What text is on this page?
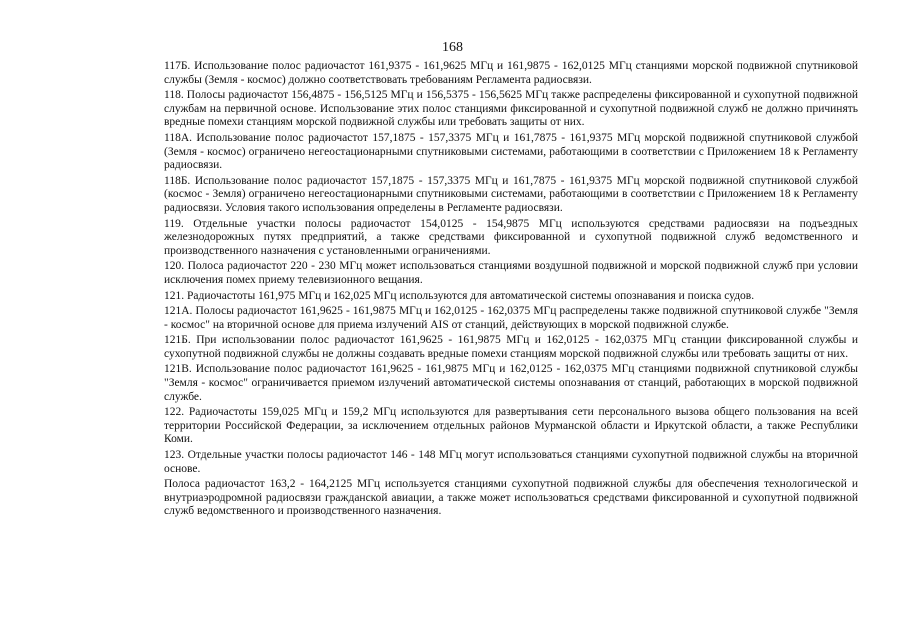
168

117Б. Использование полос радиочастот 161,9375 - 161,9625 МГц и 161,9875 - 162,0125 МГц станциями морской подвижной спутниковой службы (Земля - космос) должно соответствовать требованиям Регламента радиосвязи.

118. Полосы радиочастот 156,4875 - 156,5125 МГц и 156,5375 - 156,5625 МГц также распределены фиксированной и сухопутной подвижной службам на первичной основе. Использование этих полос станциями фиксированной и сухопутной подвижной служб не должно причинять вредные помехи станциям морской подвижной службы или требовать защиты от них.

118А. Использование полос радиочастот 157,1875 - 157,3375 МГц и 161,7875 - 161,9375 МГц морской подвижной спутниковой службой (Земля - космос) ограничено негеостационарными спутниковыми системами, работающими в соответствии с Приложением 18 к Регламенту радиосвязи.

118Б. Использование полос радиочастот 157,1875 - 157,3375 МГц и 161,7875 - 161,9375 МГц морской подвижной спутниковой службой (космос - Земля) ограничено негеостационарными спутниковыми системами, работающими в соответствии с Приложением 18 к Регламенту радиосвязи. Условия такого использования определены в Регламенте радиосвязи.

119. Отдельные участки полосы радиочастот 154,0125 - 154,9875 МГц используются средствами радиосвязи на подъездных железнодорожных путях предприятий, а также средствами фиксированной и сухопутной подвижной служб ведомственного и производственного назначения с установленными ограничениями.

120. Полоса радиочастот 220 - 230 МГц может использоваться станциями воздушной подвижной и морской подвижной служб при условии исключения помех приему телевизионного вещания.

121. Радиочастоты 161,975 МГц и 162,025 МГц используются для автоматической системы опознавания и поиска судов.

121А. Полосы радиочастот 161,9625 - 161,9875 МГц и 162,0125 - 162,0375 МГц распределены также подвижной спутниковой службе "Земля - космос" на вторичной основе для приема излучений AIS от станций, действующих в морской подвижной службе.

121Б. При использовании полос радиочастот 161,9625 - 161,9875 МГц и 162,0125 - 162,0375 МГц станции фиксированной службы и сухопутной подвижной службы не должны создавать вредные помехи станциям морской подвижной службы или требовать защиты от них.

121В. Использование полос радиочастот 161,9625 - 161,9875 МГц и 162,0125 - 162,0375 МГц станциями подвижной спутниковой службы "Земля - космос" ограничивается приемом излучений автоматической системы опознавания от станций, работающих в морской подвижной службе.

122. Радиочастоты 159,025 МГц и 159,2 МГц используются для развертывания сети персонального вызова общего пользования на всей территории Российской Федерации, за исключением отдельных районов Мурманской области и Иркутской области, а также Республики Коми.

123. Отдельные участки полосы радиочастот 146 - 148 МГц могут использоваться станциями сухопутной подвижной службы на вторичной основе.

Полоса радиочастот 163,2 - 164,2125 МГц используется станциями сухопутной подвижной службы для обеспечения технологической и внутриаэродромной радиосвязи гражданской авиации, а также может использоваться средствами фиксированной и сухопутной подвижной служб ведомственного и производственного назначения.
